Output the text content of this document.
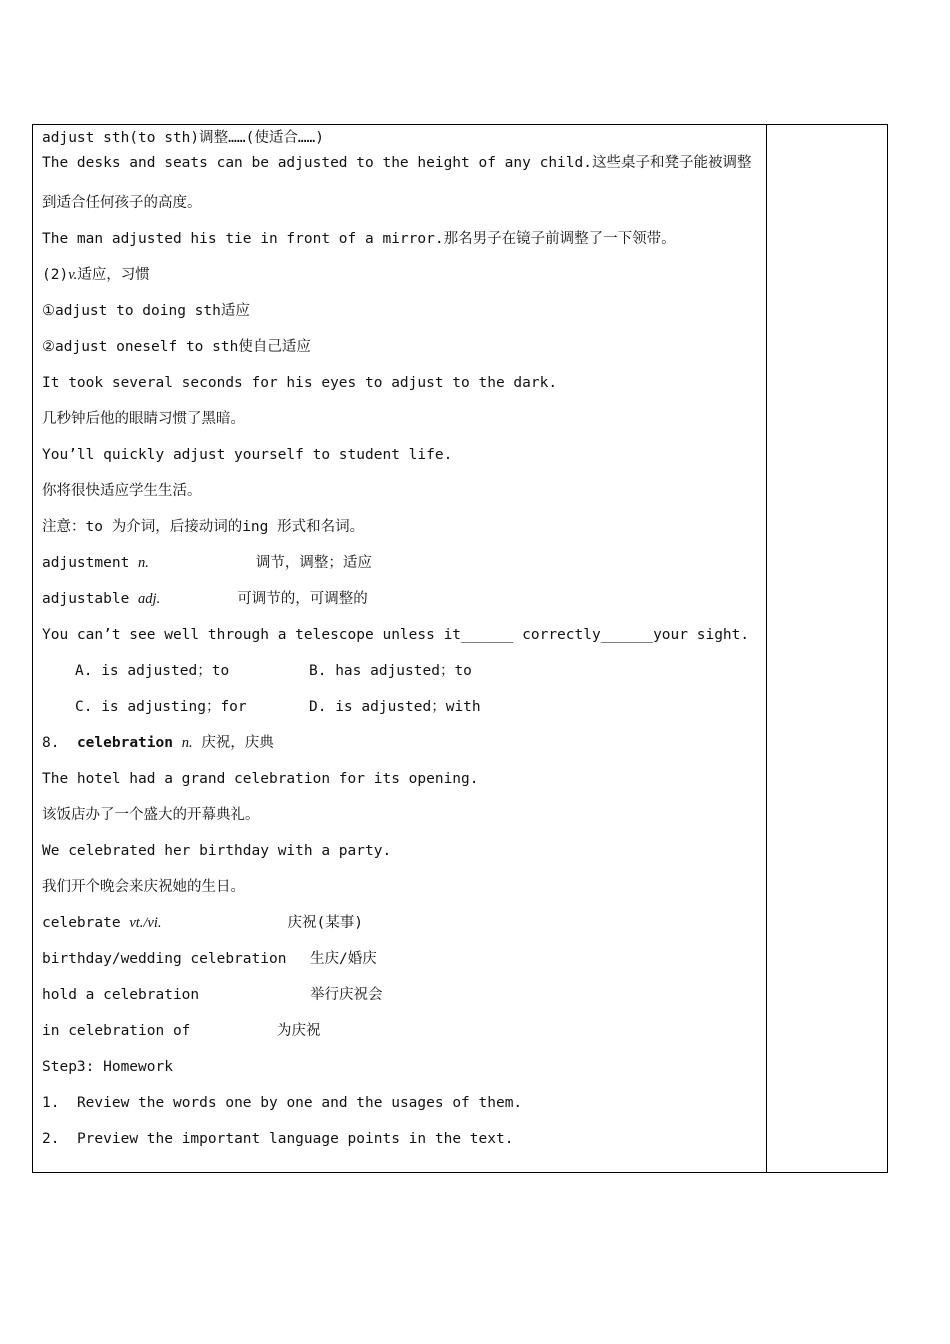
adjust sth(to sth)调整……(使适合……)
The desks and seats can be adjusted to the height of any child.这些桌子和凳子能被调整
到适合任何孩子的高度。
The man adjusted his tie in front of a mirror.那名男子在镜子前调整了一下领带。
(2)v.适应，习惯
①adjust to doing sth适应
②adjust oneself to sth使自己适应
It took several seconds for his eyes to adjust to the dark.
几秒钟后他的眼睛习惯了黑暗。
You’ll quickly adjust yourself to student life.
你将很快适应学生生活。
注意：to 为介词，后接动词的ing 形式和名词。
adjustment n.	调节，调整；适应
adjustable adj.	可调节的，可调整的
You can’t see well through a telescope unless it______ correctly______your sight.
A. is adjusted；to	B. has adjusted；to
C. is adjusting；for	D. is adjusted；with
8. celebration n. 庆祝，庆典
The hotel had a grand celebration for its opening.
该饭店办了一个盛大的开幕典礼。
We celebrated her birthday with a party.
我们开个晚会来庆祝她的生日。
celebrate vt./vi.	庆祝(某事)
birthday/wedding celebration 生庆/婚庆
hold a celebration	举行庆祝会
in celebration of	为庆祝
Step3: Homework
1. Review the words one by one and the usages of them.
2. Preview the important language points in the text.
